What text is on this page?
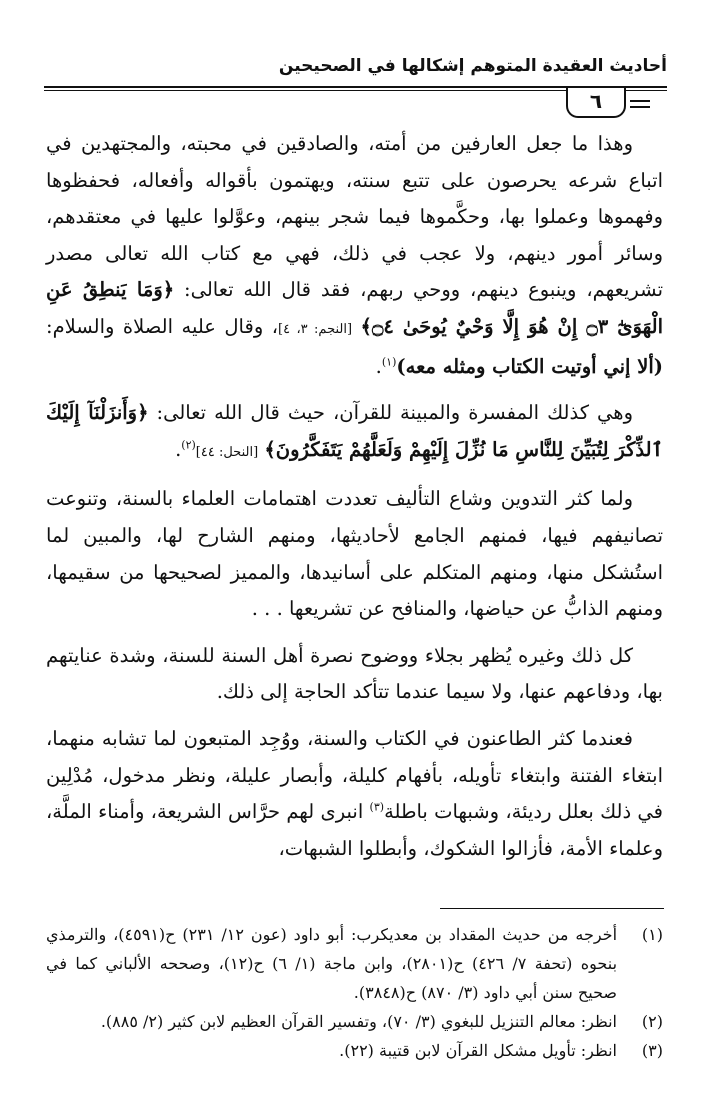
أحاديث العقيدة المتوهم إشكالها في الصحيحين
٦

وهذا ما جعل العارفين من أمته، والصادقين في محبته، والمجتهدين في اتباع شرعه يحرصون على تتبع سنته، ويهتمون بأقواله وأفعاله، فحفظوها وفهموها وعملوا بها، وحكَّموها فيما شجر بينهم، وعوَّلوا عليها في معتقدهم، وسائر أمور دينهم، ولا عجب في ذلك، فهي مع كتاب الله تعالى مصدر تشريعهم، وينبوع دينهم، ووحي ربهم، فقد قال الله تعالى: ﴿وَمَا يَنطِقُ عَنِ الْهَوَىٰٓ ۝٣ إِنْ هُوَ إِلَّا وَحْيٌ يُوحَىٰ ۝٤﴾ [النجم: ٣، ٤]، وقال عليه الصلاة والسلام: (ألا إني أوتيت الكتاب ومثله معه)$^{(١)}$.

وهي كذلك المفسرة والمبينة للقرآن، حيث قال الله تعالى: ﴿وَأَنزَلْنَآ إِلَيْكَ ٱلذِّكْرَ لِتُبَيِّنَ لِلنَّاسِ مَا نُزِّلَ إِلَيْهِمْ وَلَعَلَّهُمْ يَتَفَكَّرُونَ﴾ [النحل: ٤٤]$^{(٢)}$.

ولما كثر التدوين وشاع التأليف تعددت اهتمامات العلماء بالسنة، وتنوعت تصانيفهم فيها، فمنهم الجامع لأحاديثها، ومنهم الشارح لها، والمبين لما استُشكل منها، ومنهم المتكلم على أسانيدها، والمميز لصحيحها من سقيمها، ومنهم الذابُّ عن حياضها، والمنافح عن تشريعها . . .

كل ذلك وغيره يُظهر بجلاء ووضوح نصرة أهل السنة للسنة، وشدة عنايتهم بها، ودفاعهم عنها، ولا سيما عندما تتأكد الحاجة إلى ذلك.

فعندما كثر الطاعنون في الكتاب والسنة، ووُجِد المتبعون لما تشابه منهما، ابتغاء الفتنة وابتغاء تأويله، بأفهام كليلة، وأبصار عليلة، ونظر مدخول، مُدْلِين في ذلك بعلل رديئة، وشبهات باطلة$^{(٣)}$ انبرى لهم حرَّاس الشريعة، وأمناء الملَّة، وعلماء الأمة، فأزالوا الشكوك، وأبطلوا الشبهات،

(١)
أخرجه من حديث المقداد بن معديكرب: أبو داود (عون ١٢/ ٢٣١) ح(٤٥٩١)، والترمذي بنحوه (تحفة ٧/ ٤٢٦) ح(٢٨٠١)، وابن ماجة (١/ ٦) ح(١٢)، وصححه الألباني كما في صحيح سنن أبي داود (٣/ ٨٧٠) ح(٣٨٤٨).
(٢)
انظر: معالم التنزيل للبغوي (٣/ ٧٠)، وتفسير القرآن العظيم لابن كثير (٢/ ٨٨٥).
(٣)
انظر: تأويل مشكل القرآن لابن قتيبة (٢٢).
